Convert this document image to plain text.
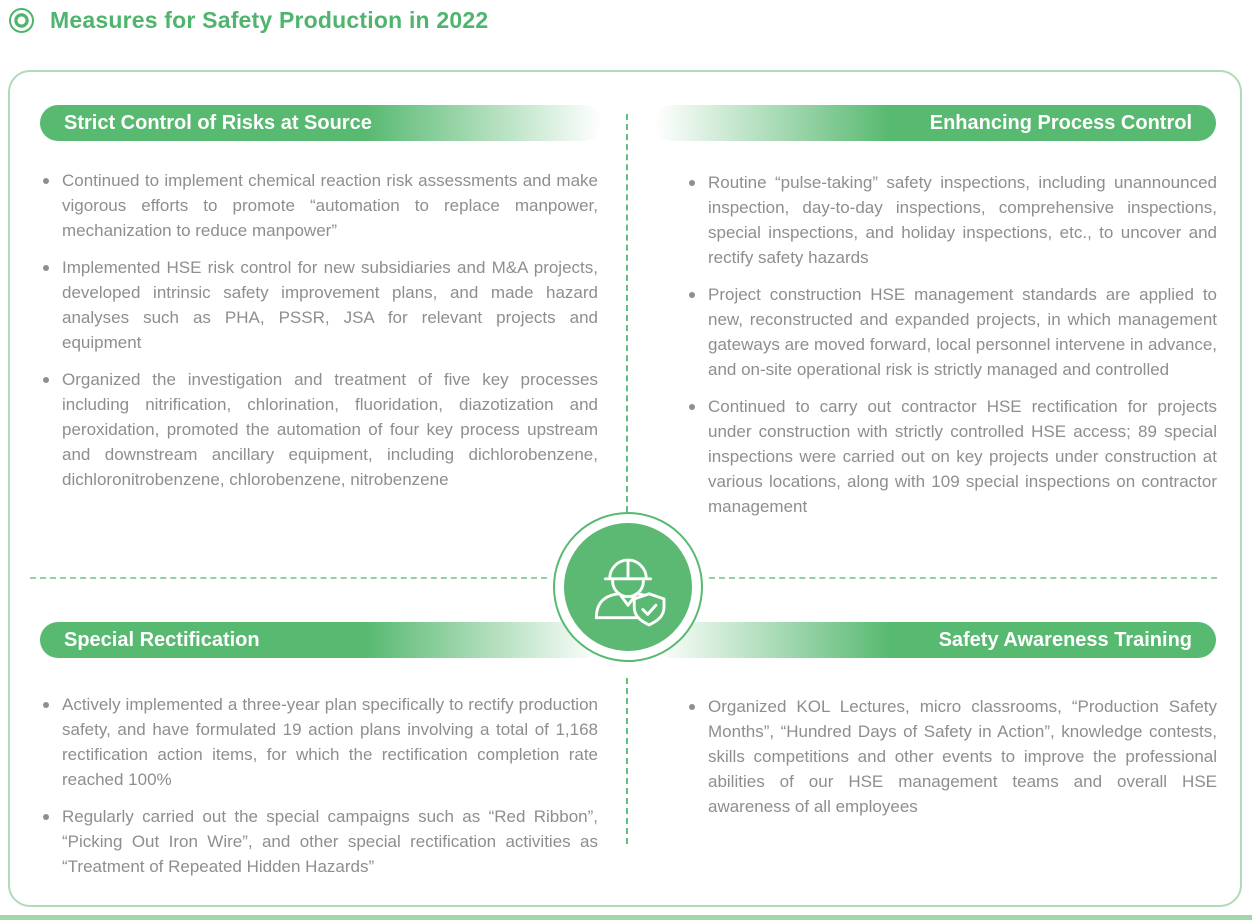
Measures for Safety Production in 2022
Strict Control of Risks at Source	Enhancing Process Control
Special Rectification	Safety Awareness Training
Continued to implement chemical reaction risk assessments and make vigorous efforts to promote “automation to replace manpower, mechanization to reduce manpower”
Implemented HSE risk control for new subsidiaries and M&A projects, developed intrinsic safety improvement plans, and made hazard analyses such as PHA, PSSR, JSA for relevant projects and equipment
Organized the investigation and treatment of five key processes including nitrification, chlorination, fluoridation, diazotization and peroxidation, promoted the automation of four key process upstream and downstream ancillary equipment, including dichlorobenzene, dichloronitrobenzene, chlorobenzene, nitrobenzene
Routine “pulse-taking” safety inspections, including unannounced inspection, day-to-day inspections, comprehensive inspections, special inspections, and holiday inspections, etc., to uncover and rectify safety hazards
Project construction HSE management standards are applied to new, reconstructed and expanded projects, in which management gateways are moved forward, local personnel intervene in advance, and on-site operational risk is strictly managed and controlled
Continued to carry out contractor HSE rectification for projects under construction with strictly controlled HSE access; 89 special inspections were carried out on key projects under construction at various locations, along with 109 special inspections on contractor management
Actively implemented a three-year plan specifically to rectify production safety, and have formulated 19 action plans involving a total of 1,168 rectification action items, for which the rectification completion rate reached 100%
Regularly carried out the special campaigns such as “Red Ribbon”, “Picking Out Iron Wire”, and other special rectification activities as “Treatment of Repeated Hidden Hazards”
Organized KOL Lectures, micro classrooms, “Production Safety Months”, “Hundred Days of Safety in Action”, knowledge contests, skills competitions and other events to improve the professional abilities of our HSE management teams and overall HSE awareness of all employees
